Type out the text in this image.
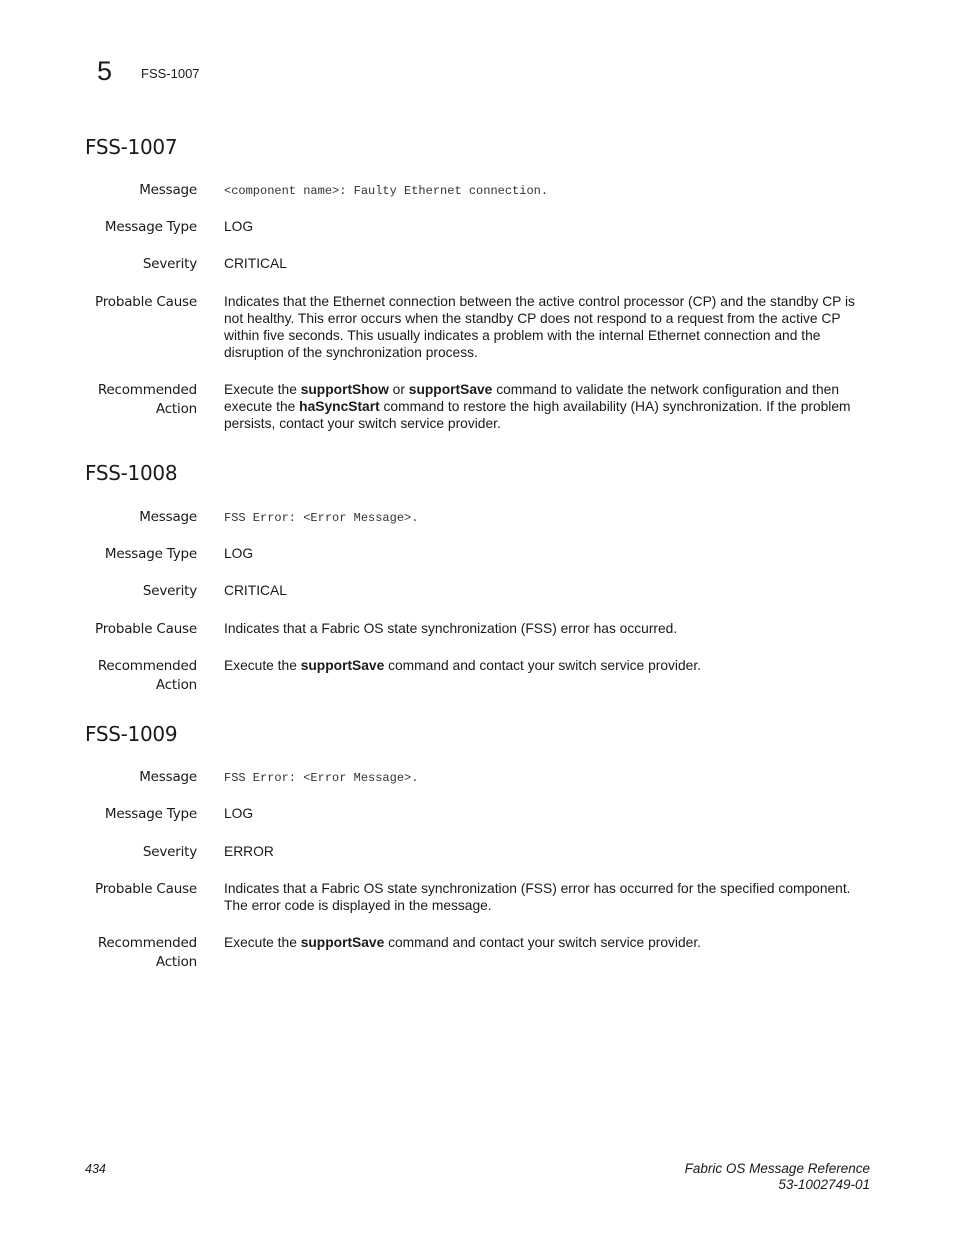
5 FSS-1007
FSS-1007
Message <component name>: Faulty Ethernet connection.
Message Type LOG
Severity CRITICAL
Probable Cause Indicates that the Ethernet connection between the active control processor (CP) and the standby CP is not healthy. This error occurs when the standby CP does not respond to a request from the active CP within five seconds. This usually indicates a problem with the internal Ethernet connection and the disruption of the synchronization process.
Recommended
Action
Execute the supportShow or supportSave command to validate the network configuration and then execute the haSyncStart command to restore the high availability (HA) synchronization. If the problem persists, contact your switch service provider.
FSS-1008
Message FSS Error: <Error Message>.
Message Type LOG
Severity CRITICAL
Probable Cause Indicates that a Fabric OS state synchronization (FSS) error has occurred.
Recommended
Action
Execute the supportSave command and contact your switch service provider.
FSS-1009
Message FSS Error: <Error Message>.
Message Type LOG
Severity ERROR
Probable Cause Indicates that a Fabric OS state synchronization (FSS) error has occurred for the specified component. The error code is displayed in the message.
Recommended
Action
Execute the supportSave command and contact your switch service provider.
434	Fabric OS Message Reference
53-1002749-01
